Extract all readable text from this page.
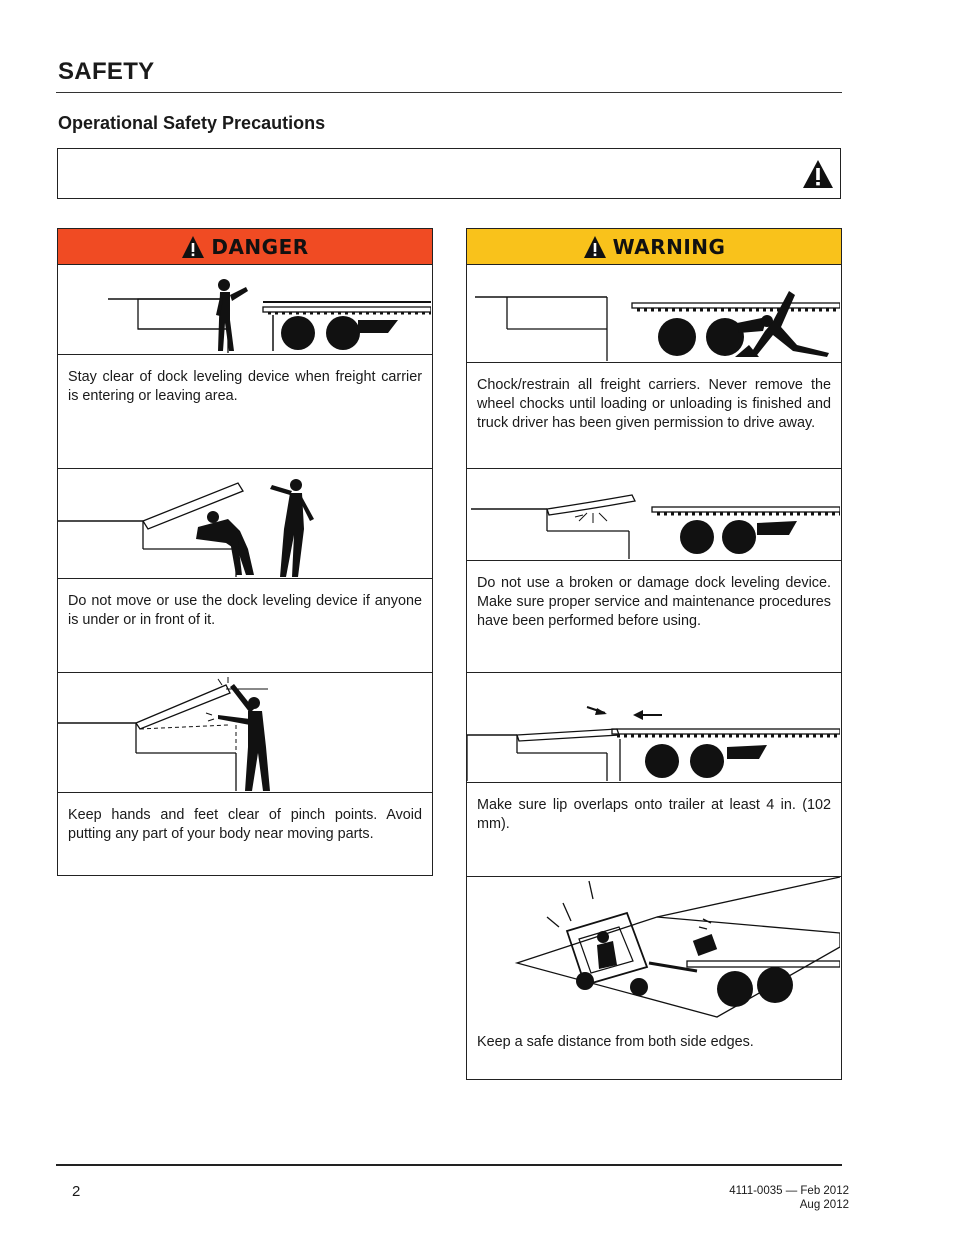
SAFETY
Operational Safety Precautions
DANGER
Stay clear of dock leveling device when freight carrier is entering or leaving area.
Do not move or use the dock leveling device if anyone is under or in front of it.
Keep hands and feet clear of pinch points. Avoid putting any part of your body near moving parts.
WARNING
Chock/restrain all freight carriers. Never remove the wheel chocks until loading or unloading is finished and truck driver has been given permission to drive away.
Do not use a broken or damage dock leveling device. Make sure proper service and maintenance procedures have been performed before using.
Make sure lip overlaps onto trailer at least 4 in. (102 mm).
Keep a safe distance from both side edges.
2	4111-0035 — Feb 2012
Aug 2012
